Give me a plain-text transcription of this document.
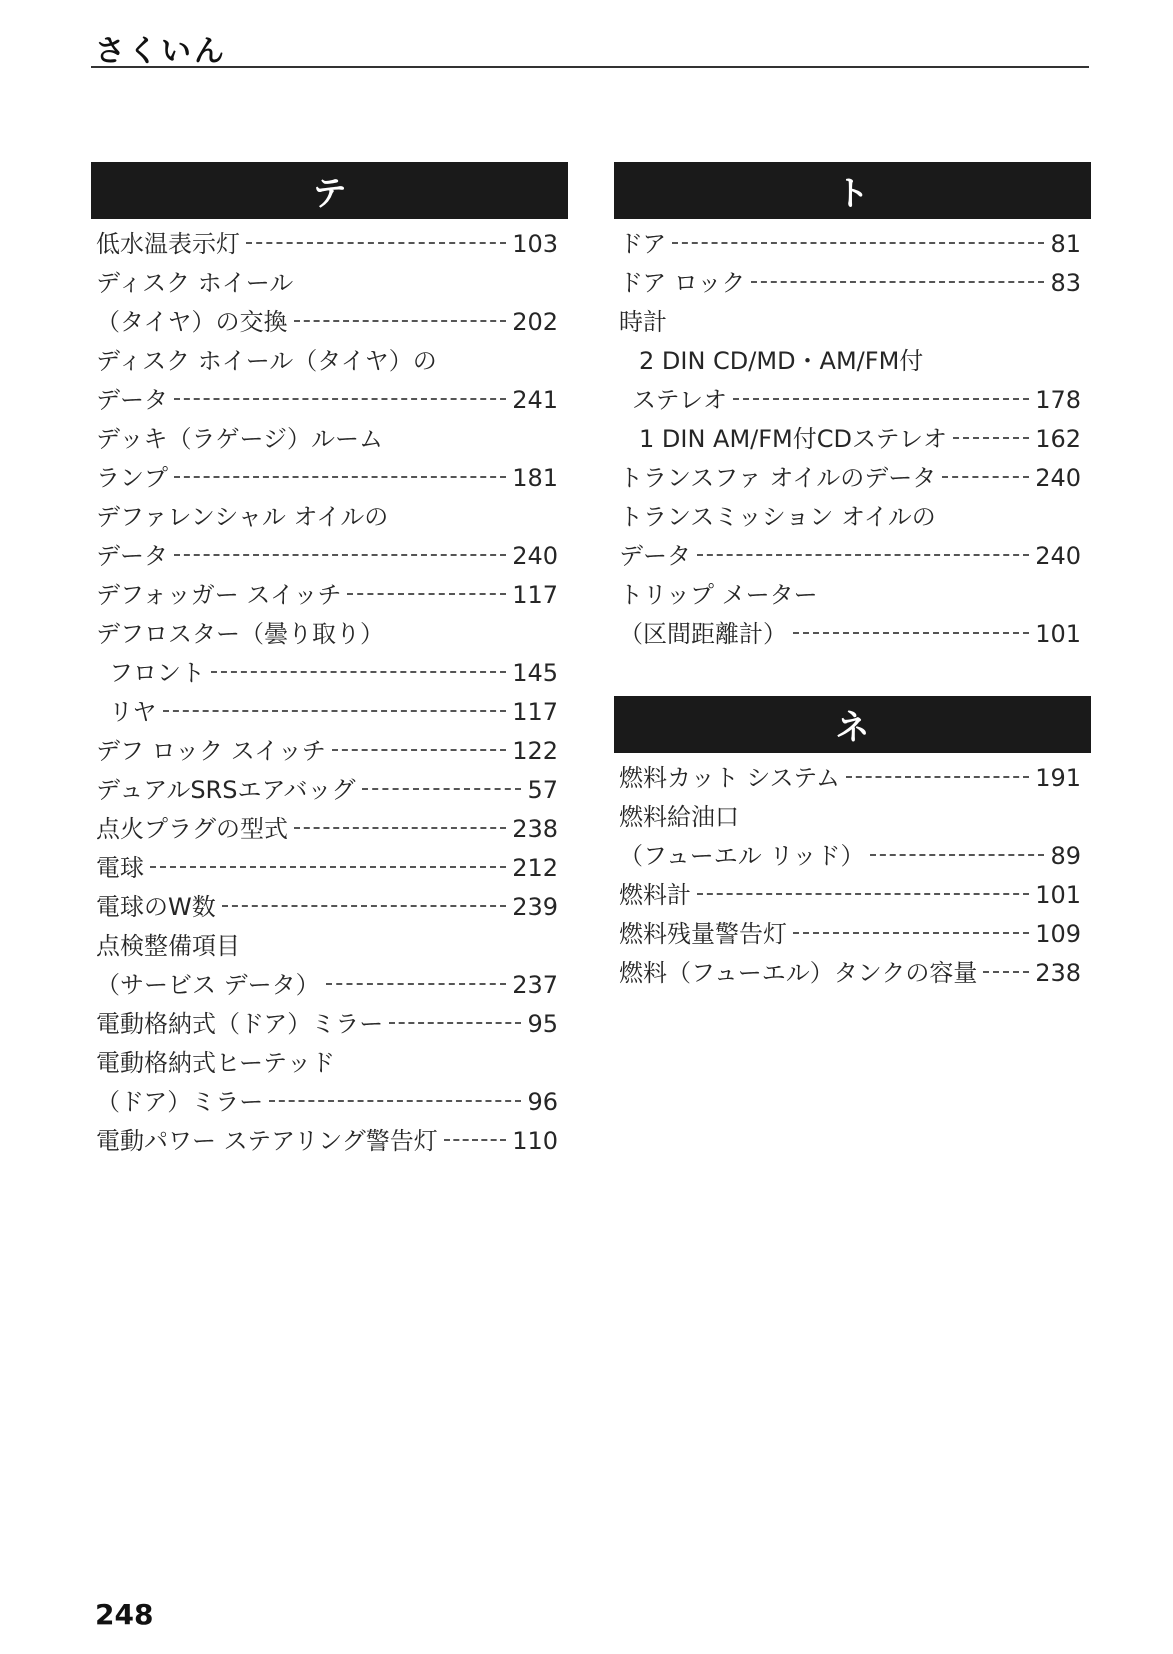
さくいん
テ
低水温表示灯	103
ディスク ホイール
（タイヤ）の交換	202
ディスク ホイール（タイヤ）の
データ	241
デッキ（ラゲージ）ルーム
ランプ	181
デファレンシャル オイルの
データ	240
デフォッガー スイッチ	117
デフロスター（曇り取り）
フロント	145
リヤ	117
デフ ロック スイッチ	122
デュアルSRSエアバッグ	57
点火プラグの型式	238
電球	212
電球のW数	239
点検整備項目
（サービス データ）	237
電動格納式（ドア）ミラー	95
電動格納式ヒーテッド
（ドア）ミラー	96
電動パワー ステアリング警告灯	110
ト
ドア	81
ドア ロック	83
時計
2 DIN CD/MD・AM/FM付
ステレオ	178
1 DIN AM/FM付CDステレオ	162
トランスファ オイルのデータ	240
トランスミッション オイルの
データ	240
トリップ メーター
（区間距離計）	101
ネ
燃料カット システム	191
燃料給油口
（フューエル リッド）	89
燃料計	101
燃料残量警告灯	109
燃料（フューエル）タンクの容量 238
248
